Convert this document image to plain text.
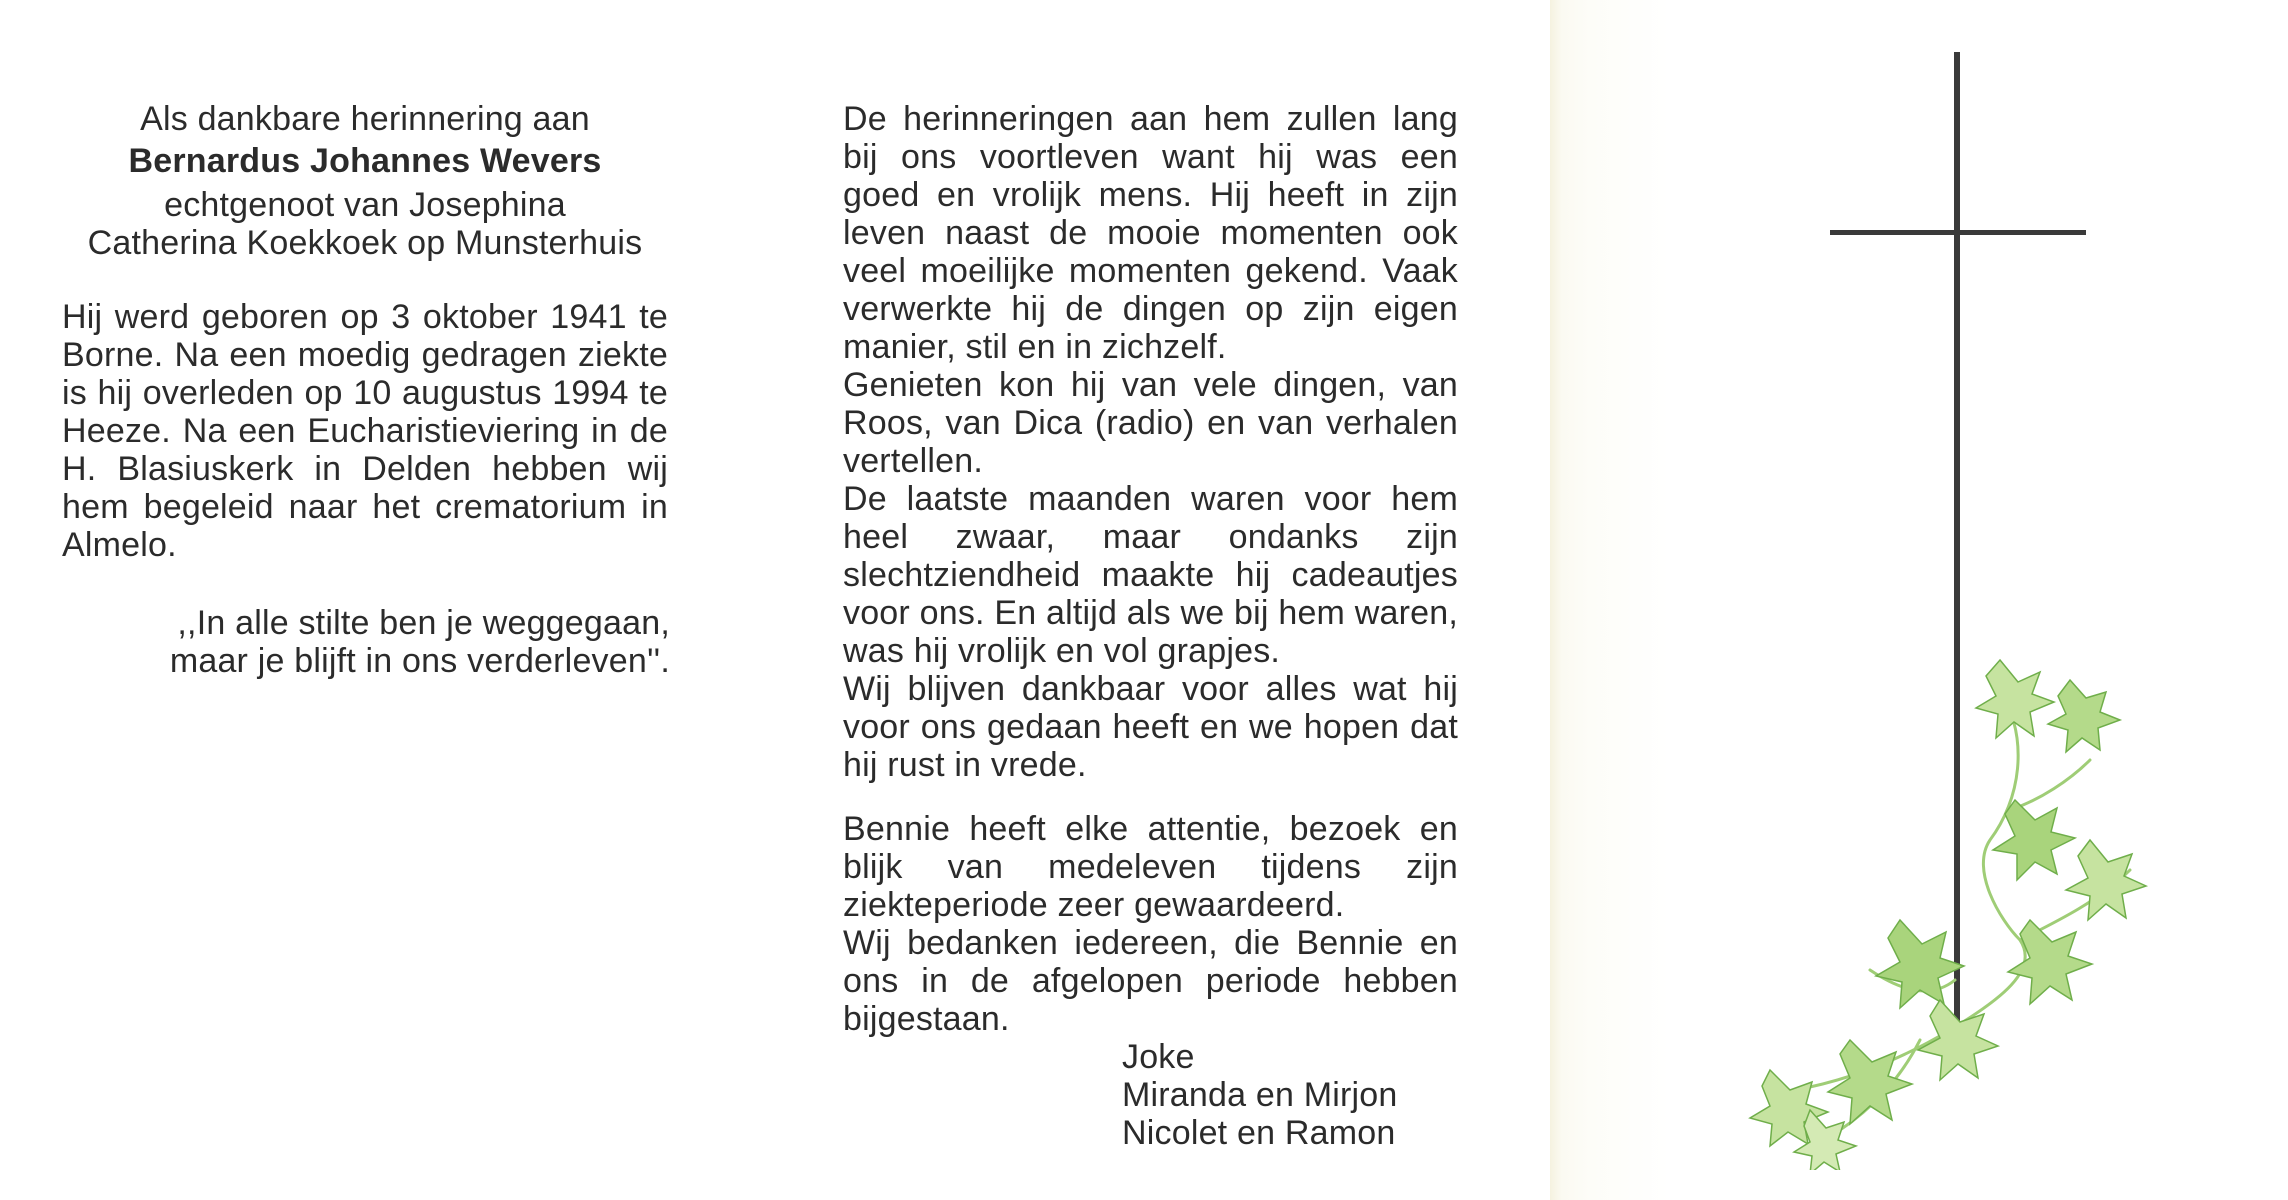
Als dankbare herinnering aan
Bernardus Johannes Wevers
echtgenoot van Josephina
Catherina Koekkoek op Munsterhuis
Hij werd geboren op 3 oktober 1941 te Borne. Na een moedig gedragen ziekte is hij overleden op 10 augustus 1994 te Heeze. Na een Eucharistieviering in de H. Blasiuskerk in Delden hebben wij hem begeleid naar het crematorium in Almelo.
,,In alle stilte ben je weggegaan,
maar je blijft in ons verderleven''.

De herinneringen aan hem zullen lang bij ons voortleven want hij was een goed en vrolijk mens. Hij heeft in zijn leven naast de mooie momenten ook veel moeilijke momenten gekend. Vaak verwerkte hij de dingen op zijn eigen manier, stil en in zichzelf.

Genieten kon hij van vele dingen, van Roos, van Dica (radio) en van verhalen vertellen.

De laatste maanden waren voor hem heel zwaar, maar ondanks zijn slechtziendheid maakte hij cadeautjes voor ons. En altijd als we bij hem waren, was hij vrolijk en vol grapjes.

Wij blijven dankbaar voor alles wat hij voor ons gedaan heeft en we hopen dat hij rust in vrede.

Bennie heeft elke attentie, bezoek en blijk van medeleven tijdens zijn ziekteperiode zeer gewaardeerd.

Wij bedanken iedereen, die Bennie en ons in de afgelopen periode hebben bijgestaan.

Joke
Miranda en Mirjon
Nicolet en Ramon
